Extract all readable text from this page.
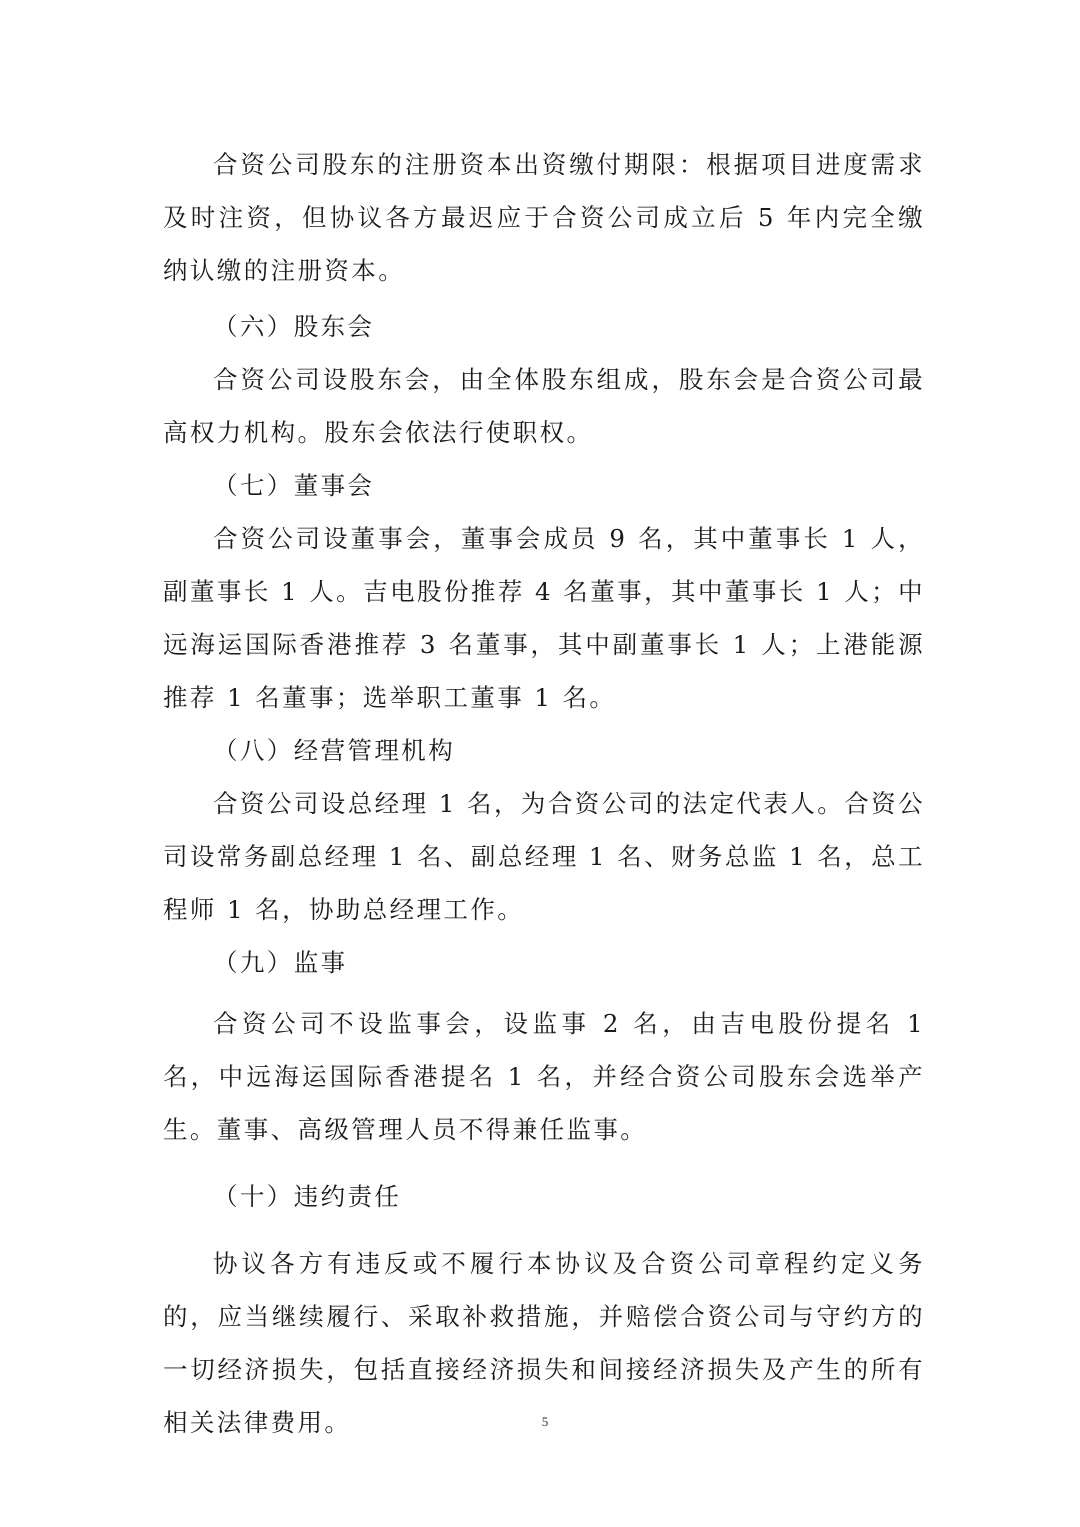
合资公司股东的注册资本出资缴付期限：根据项目进度需求及时注资，但协议各方最迟应于合资公司成立后 5 年内完全缴纳认缴的注册资本。

（六）股东会

合资公司设股东会，由全体股东组成，股东会是合资公司最高权力机构。股东会依法行使职权。

（七）董事会

合资公司设董事会，董事会成员 9 名，其中董事长 1 人，副董事长 1 人。吉电股份推荐 4 名董事，其中董事长 1 人；中远海运国际香港推荐 3 名董事，其中副董事长 1 人；上港能源推荐 1 名董事；选举职工董事 1 名。

（八）经营管理机构

合资公司设总经理 1 名，为合资公司的法定代表人。合资公司设常务副总经理 1 名、副总经理 1 名、财务总监 1 名，总工程师 1 名，协助总经理工作。

（九）监事

合资公司不设监事会，设监事 2 名，由吉电股份提名 1 名，中远海运国际香港提名 1 名，并经合资公司股东会选举产生。董事、高级管理人员不得兼任监事。

（十）违约责任

协议各方有违反或不履行本协议及合资公司章程约定义务的，应当继续履行、采取补救措施，并赔偿合资公司与守约方的一切经济损失，包括直接经济损失和间接经济损失及产生的所有相关法律费用。	5
